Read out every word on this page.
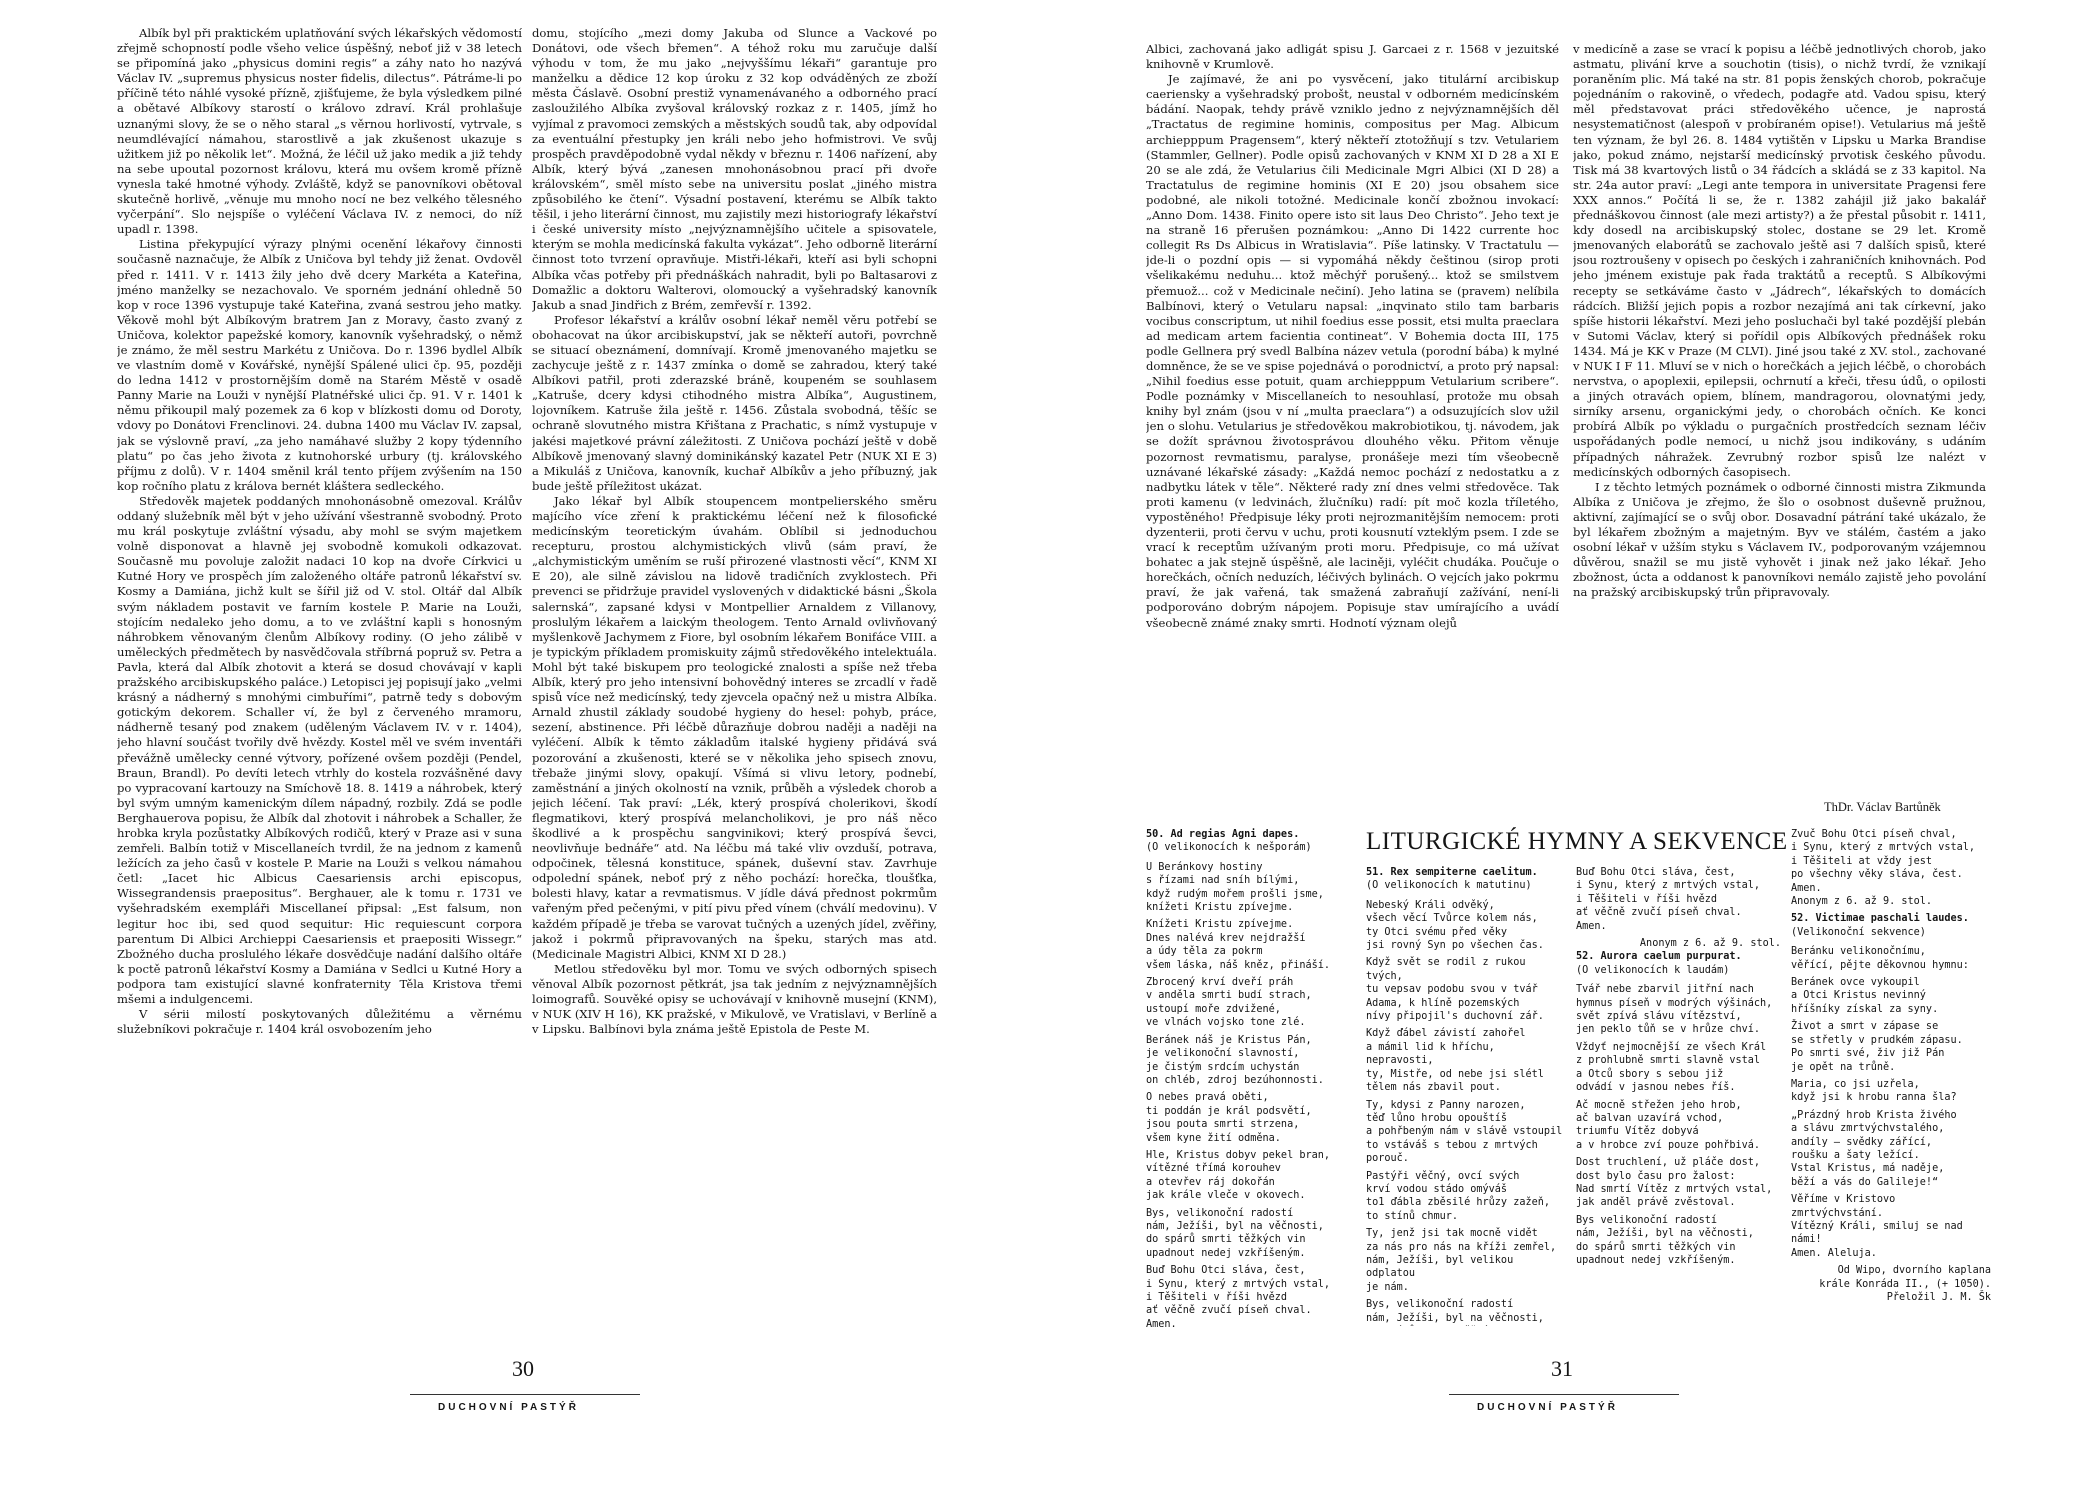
Albík byl při praktickém uplatňování svých lékařských vědomostí zřejmě schopností podle všeho velice úspěšný, neboť již v 38 letech se připomíná jako „physicus domini regis“ a záhy nato ho nazývá Václav IV. „supremus physicus noster fidelis, dilectus“. Pátráme-li po příčině této náhlé vysoké přízně, zjišťujeme, že byla výsledkem pilné a obětavé Albíkovy starostí o královo zdraví. Král prohlašuje uznanými slovy, že se o něho staral „s věrnou horlivostí, vytrvale, s neumdlévající námahou, starostlivě a jak zkušenost ukazuje s užitkem již po několik let“. Možná, že léčil už jako medik a již tehdy na sebe upoutal pozornost královu, která mu ovšem kromě přízně vynesla také hmotné výhody. Zvláště, když se panovníkovi obětoval skutečně horlivě, „věnuje mu mnoho nocí ne bez velkého tělesného vyčerpání“. Slo nejspíše o vyléčení Václava IV. z nemoci, do níž upadl r. 1398.

Listina překypující výrazy plnými ocenění lékařovy činnosti současně naznačuje, že Albík z Uničova byl tehdy již ženat. Ovdověl před r. 1411. V r. 1413 žily jeho dvě dcery Markéta a Kateřina, jméno manželky se nezachovalo. Ve sporném jednání ohledně 50 kop v roce 1396 vystupuje také Kateřina, zvaná sestrou jeho matky. Věkově mohl být Albíkovým bratrem Jan z Moravy, často zvaný z Uničova, kolektor papežské komory, kanovník vyšehradský, o němž je známo, že měl sestru Markétu z Uničova. Do r. 1396 bydlel Albík ve vlastním domě v Kovářské, nynější Spálené ulici čp. 95, později do ledna 1412 v prostornějším domě na Starém Městě v osadě Panny Marie na Louži v nynější Platnéřské ulici čp. 91. V r. 1401 k němu přikoupil malý pozemek za 6 kop v blízkosti domu od Doroty, vdovy po Donátovi Frenclinovi. 24. dubna 1400 mu Václav IV. zapsal, jak se výslovně praví, „za jeho namáhavé služby 2 kopy týdenního platu“ po čas jeho života z kutnohorské urbury (tj. královského příjmu z dolů). V r. 1404 směnil král tento příjem zvýšením na 150 kop ročního platu z králova bernét kláštera sedleckého.

Středověk majetek poddaných mnohonásobně omezoval. Králův oddaný služebník měl být v jeho užívání všestranně svobodný. Proto mu král poskytuje zvláštní výsadu, aby mohl se svým majetkem volně disponovat a hlavně jej svobodně komukoli odkazovat. Současně mu povoluje založit nadaci 10 kop na dvoře Církvici u Kutné Hory ve prospěch jím založeného oltáře patronů lékařství sv. Kosmy a Damiána, jichž kult se šířil již od V. stol. Oltář dal Albík svým nákladem postavit ve farním kostele P. Marie na Louži, stojícím nedaleko jeho domu, a to ve zvláštní kapli s honosným náhrobkem věnovaným členům Albíkovy rodiny. (O jeho zálibě v uměleckých předmětech by nasvědčovala stříbrná popruž sv. Petra a Pavla, která dal Albík zhotovit a která se dosud chovávají v kapli pražského arcibiskupského paláce.) Letopisci jej popisují jako „velmi krásný a nádherný s mnohými cimbuřími“, patrně tedy s dobovým gotickým dekorem. Schaller ví, že byl z červeného mramoru, nádherně tesaný pod znakem (uděleným Václavem IV. v r. 1404), jeho hlavní součást tvořily dvě hvězdy. Kostel měl ve svém inventáři převážně umělecky cenné výtvory, pořízené ovšem později (Pendel, Braun, Brandl). Po devíti letech vtrhly do kostela rozvášněné davy po vypracovaní kartouzy na Smíchově 18. 8. 1419 a náhrobek, který byl svým umným kamenickým dílem nápadný, rozbily. Zdá se podle Berghauerova popisu, že Albík dal zhotovit i náhrobek a Schaller, že hrobka kryla pozůstatky Albíkových rodičů, který v Praze asi v suna zemřeli. Balbín totiž v Miscellaneích tvrdil, že na jednom z kamenů ležících za jeho časů v kostele P. Marie na Louži s velkou námahou četl: „Iacet hic Albicus Caesariensis archi episcopus, Wissegrandensis praepositus“. Berghauer, ale k tomu r. 1731 ve vyšehradském exempláři Miscellaneí připsal: „Est falsum, non legitur hoc ibi, sed quod sequitur: Hic requiescunt corpora parentum Di Albici Archieppi Caesariensis et praepositi Wissegr.“ Zbožného ducha proslulého lékaře dosvědčuje nadání dalšího oltáře k poctě patronů lékařství Kosmy a Damiána v Sedlci u Kutné Hory a podpora tam existující slavné konfraternity Těla Kristova třemi mšemi a indulgencemi.

V sérii milostí poskytovaných důležitému a věrnému služebníkovi pokračuje r. 1404 král osvobozením jeho

domu, stojícího „mezi domy Jakuba od Slunce a Vackové po Donátovi, ode všech břemen“. A téhož roku mu zaručuje další výhodu v tom, že mu jako „nejvyššímu lékaři“ garantuje pro manželku a dědice 12 kop úroku z 32 kop odváděných ze zboží města Čáslavě. Osobní prestiž vynamenávaného a odborného prací zasloužilého Albíka zvyšoval královský rozkaz z r. 1405, jímž ho vyjímal z pravomoci zemských a městských soudů tak, aby odpovídal za eventuální přestupky jen králi nebo jeho hofmistrovi. Ve svůj prospěch pravděpodobně vydal někdy v březnu r. 1406 nařízení, aby Albík, který bývá „zanesen mnohonásobnou prací při dvoře královském“, směl místo sebe na universitu poslat „jiného mistra způsobilého ke čtení“. Výsadní postavení, kterému se Albík takto těšil, i jeho literární činnost, mu zajistily mezi historiografy lékařství i české university místo „nejvýznamnějšího učitele a spisovatele, kterým se mohla medicínská fakulta vykázat“. Jeho odborně literární činnost toto tvrzení opravňuje. Mistři-lékaři, kteří asi byli schopni Albíka včas potřeby při přednáškách nahradit, byli po Baltasarovi z Domažlic a doktoru Walterovi, olomoucký a vyšehradský kanovník Jakub a snad Jindřich z Brém, zemřevší r. 1392.

Profesor lékařství a králův osobní lékař neměl věru potřebí se obohacovat na úkor arcibiskupství, jak se někteří autoři, povrchně se situací obeznámení, domnívají. Kromě jmenovaného majetku se zachycuje ještě z r. 1437 zmínka o domě se zahradou, který také Albíkovi patřil, proti zderazské bráně, koupeném se souhlasem „Katruše, dcery kdysi ctihodného mistra Albíka“, Augustinem, lojovníkem. Katruše žila ještě r. 1456. Zůstala svobodná, těšíc se ochraně slovutného mistra Křištana z Prachatic, s nímž vystupuje v jakési majetkové právní záležitosti. Z Uničova pochází ještě v době Albíkově jmenovaný slavný dominikánský kazatel Petr (NUK XI E 3) a Mikuláš z Uničova, kanovník, kuchař Albíkův a jeho příbuzný, jak bude ještě příležitost ukázat.

Jako lékař byl Albík stoupencem montpelierského směru majícího více zření k praktickému léčení než k filosofické medicínským teoretickým úvahám. Oblíbil si jednoduchou recepturu, prostou alchymistických vlivů (sám praví, že „alchymistickým uměním se ruší přirozené vlastnosti věcí“, KNM XI E 20), ale silně závislou na lidově tradičních zvyklostech. Při prevenci se přidržuje pravidel vyslovených v didaktické básni „Škola salernská“, zapsané kdysi v Montpellier Arnaldem z Villanovy, proslulým lékařem a laickým theologem. Tento Arnald ovlivňovaný myšlenkově Jachymem z Fiore, byl osobním lékařem Bonifáce VIII. a je typickým příkladem promiskuity zájmů středověkého intelektuála. Mohl být také biskupem pro teologické znalosti a spíše než třeba Albík, který pro jeho intensivní bohovědný interes se zrcadlí v řadě spisů více než medicínský, tedy zjevcela opačný než u mistra Albíka. Arnald zhustil základy soudobé hygieny do hesel: pohyb, práce, sezení, abstinence. Při léčbě důrazňuje dobrou naději a naději na vyléčení. Albík k těmto základům italské hygieny přidává svá pozorování a zkušenosti, které se v několika jeho spisech znovu, třebaže jinými slovy, opakují. Všímá si vlivu letory, podnebí, zaměstnání a jiných okolností na vznik, průběh a výsledek chorob a jejich léčení. Tak praví: „Lék, který prospívá cholerikovi, škodí flegmatikovi, který prospívá melancholikovi, je pro náš něco škodlivé a k prospěchu sangvinikovi; který prospívá ševci, neovlivňuje bednáře“ atd. Na léčbu má také vliv ovzduší, potrava, odpočinek, tělesná konstituce, spánek, duševní stav. Zavrhuje odpolední spánek, neboť prý z něho pochází: horečka, tloušťka, bolesti hlavy, katar a revmatismus. V jídle dává přednost pokrmům vařeným před pečenými, v pití pivu před vínem (chválí medovinu). V každém případě je třeba se varovat tučných a uzených jídel, zvěřiny, jakož i pokrmů připravovaných na špeku, starých mas atd. (Medicinale Magistri Albici, KNM XI D 28.)

Metlou středověku byl mor. Tomu ve svých odborných spisech věnoval Albík pozornost pětkrát, jsa tak jedním z nejvýznamnějších loimografů. Souvěké opisy se uchovávají v knihovně musejní (KNM), v NUK (XIV H 16), KK pražské, v Mikulově, ve Vratislavi, v Berlíně a v Lipsku. Balbínovi byla známa ještě Epistola de Peste M.

30
DUCHOVNÍ PASTÝŘ

Albici, zachovaná jako adligát spisu J. Garcaei z r. 1568 v jezuitské knihovně v Krumlově.

Je zajímavé, že ani po vysvěcení, jako titulární arcibiskup caeriensky a vyšehradský probošt, neustal v odborném medicínském bádání. Naopak, tehdy právě vzniklo jedno z nejvýznamnějších děl „Tractatus de regimine hominis, compositus per Mag. Albicum archiepppum Pragensem“, který někteří ztotožňují s tzv. Vetulariem (Stammler, Gellner). Podle opisů zachovaných v KNM XI D 28 a XI E 20 se ale zdá, že Vetularius čili Medicinale Mgri Albici (XI D 28) a Tractatulus de regimine hominis (XI E 20) jsou obsahem sice podobné, ale nikoli totožné. Medicinale končí zbožnou invokací: „Anno Dom. 1438. Finito opere isto sit laus Deo Christo“. Jeho text je na straně 16 přerušen poznámkou: „Anno Di 1422 currente hoc collegit Rs Ds Albicus in Wratislavia“. Píše latinsky. V Tractatulu — jde-li o pozdní opis — si vypomáhá někdy češtinou (sirop proti všelikakému neduhu... ktož měchýř porušený... ktož se smilstvem přemuož... což v Medicinale nečiní). Jeho latina se (pravem) nelíbila Balbínovi, který o Vetularu napsal: „inqvinato stilo tam barbaris vocibus conscriptum, ut nihil foedius esse possit, etsi multa praeclara ad medicam artem facientia contineat“. V Bohemia docta III, 175 podle Gellnera prý svedl Balbína název vetula (porodní bába) k mylné domněnce, že se ve spise pojednává o porodnictví, a proto prý napsal: „Nihil foedius esse potuit, quam archiepppum Vetularium scribere“. Podle poznámky v Miscellaneích to nesouhlasí, protože mu obsah knihy byl znám (jsou v ní „multa praeclara“) a odsuzujících slov užil jen o slohu. Vetularius je středověkou makrobiotikou, tj. návodem, jak se dožít správnou životosprávou dlouhého věku. Přitom věnuje pozornost revmatismu, paralyse, pronášeje mezi tím všeobecně uznávané lékařské zásady: „Každá nemoc pochází z nedostatku a z nadbytku látek v těle“. Některé rady zní dnes velmi středověce. Tak proti kamenu (v ledvinách, žlučníku) radí: pít moč kozla tříletého, vypostěného! Předpisuje léky proti nejrozmanitějším nemocem: proti dyzenterii, proti červu v uchu, proti kousnutí vzteklým psem. I zde se vrací k receptům užívaným proti moru. Předpisuje, co má užívat bohatec a jak stejně úspěšně, ale laciněji, vyléčit chudáka. Poučuje o horečkách, očních neduzích, léčivých bylinách. O vejcích jako pokrmu praví, že jak vařená, tak smažená zabraňují zažívání, není-li podporováno dobrým nápojem. Popisuje stav umírajícího a uvádí všeobecně známé znaky smrti. Hodnotí význam olejů

v medicíně a zase se vrací k popisu a léčbě jednotlivých chorob, jako astmatu, plivání krve a souchotin (tisis), o nichž tvrdí, že vznikají poraněním plic. Má také na str. 81 popis ženských chorob, pokračuje pojednáním o rakovině, o vředech, podagře atd. Vadou spisu, který měl představovat práci středověkého učence, je naprostá nesystematičnost (alespoň v probíraném opise!). Vetularius má ještě ten význam, že byl 26. 8. 1484 vytištěn v Lipsku u Marka Brandise jako, pokud známo, nejstarší medicínský prvotisk českého původu. Tisk má 38 kvartových listů o 34 řádcích a skládá se z 33 kapitol. Na str. 24a autor praví: „Legi ante tempora in universitate Pragensi fere XXX annos.“ Počítá li se, že r. 1382 zahájil již jako bakalář přednáškovou činnost (ale mezi artisty?) a že přestal působit r. 1411, kdy dosedl na arcibiskupský stolec, dostane se 29 let. Kromě jmenovaných elaborátů se zachovalo ještě asi 7 dalších spisů, které jsou roztroušeny v opisech po českých i zahraničních knihovnách. Pod jeho jménem existuje pak řada traktátů a receptů. S Albíkovými recepty se setkáváme často v „Jádrech“, lékařských to domácích rádcích. Bližší jejich popis a rozbor nezajímá ani tak církevní, jako spíše historii lékařství. Mezi jeho posluchači byl také pozdější plebán v Sutomi Václav, který si pořídil opis Albíkových přednášek roku 1434. Má je KK v Praze (M CLVI). Jiné jsou také z XV. stol., zachované v NUK I F 11. Mluví se v nich o horečkách a jejich léčbě, o chorobách nervstva, o apoplexii, epilepsii, ochrnutí a křeči, třesu údů, o opilosti a jiných otravách opiem, blínem, mandragorou, olovnatými jedy, sirníky arsenu, organickými jedy, o chorobách očních. Ke konci probírá Albík po výkladu o purgačních prostředcích seznam léčiv uspořádaných podle nemocí, u nichž jsou indikovány, s udáním případných náhražek. Zevrubný rozbor spisů lze nalézt v medicínských odborných časopisech.

I z těchto letmých poznámek o odborné činnosti mistra Zikmunda Albíka z Uničova je zřejmo, že šlo o osobnost duševně pružnou, aktivní, zajímající se o svůj obor. Dosavadní pátrání také ukázalo, že byl lékařem zbožným a majetným. Byv ve stálém, častém a jako osobní lékař v užším styku s Václavem IV., podporovaným vzájemnou důvěrou, snažil se mu jistě vyhovět i jinak než jako lékař. Jeho zbožnost, úcta a oddanost k panovníkovi nemálo zajistě jeho povolání na pražský arcibiskupský trůn připravovaly.

ThDr. Václav Bartůněk
LITURGICKÉ HYMNY A SEKVENCE
50. Ad regias Agni dapes.
(O velikonocích k nešporám)
U Beránkovy hostiny
s řízami nad sníh bílými,
když rudým mořem prošli jsme,
knížeti Kristu zpívejme.
Knížeti Kristu zpívejme.
Dnes nalévá krev nejdražší
a údy těla za pokrm
všem láska, náš kněz, přináší.
Zbrocený krví dveří práh
v anděla smrti budí strach,
ustoupí moře zdvižené,
ve vlnách vojsko tone zlé.
Beránek náš je Kristus Pán,
je velikonoční slavností,
je čistým srdcím uchystán
on chléb, zdroj bezúhonnosti.
O nebes pravá oběti,
ti poddán je král podsvětí,
jsou pouta smrti strzena,
všem kyne žití odměna.
Hle, Kristus dobyv pekel bran,
vítězné třímá korouhev
a otevřev ráj dokořán
jak krále vleče v okovech.
Bys, velikonoční radostí
nám, Ježíši, byl na věčnosti,
do spárů smrti těžkých vin
upadnout nedej vzkříšeným.
Buď Bohu Otci sláva, čest,
i Synu, který z mrtvých vstal,
i Těšiteli v říši hvězd
ať věčně zvučí píseň chval.
Amen.
51. Rex sempiterne caelitum.
(O velikonocích k matutinu)
Nebeský Králi odvěký,
všech věcí Tvůrce kolem nás,
ty Otci svému před věky
jsi rovný Syn po všechen čas.
Když svět se rodil z rukou tvých,
tu vepsav podobu svou v tvář
Adama, k hlíně pozemských
nívy připojil's duchovní zář.
Když ďábel závistí zahořel
a mámil lid k hříchu, nepravosti,
ty, Mistře, od nebe jsi slétl
tělem nás zbavil pout.
Ty, kdysi z Panny narozen,
těď lůno hrobu opouštíš
a pohřbeným nám v slávě vstoupil
to vstáváš s tebou z mrtvých porouč.
Pastýři věčný, ovcí svých
krví vodou stádo omýváš
to1 ďábla zběsilé hrůzy zažeň,
to stínů chmur.
Ty, jenž jsi tak mocně vidět
za nás pro nás na kříži zemřel,
nám, Ježíši, byl velikou odplatou
je nám.
Bys, velikonoční radostí
nám, Ježíši, byl na věčnosti,

Buď Bohu Otci sláva, čest,
i Synu, který z mrtvých vstal,
i Těšiteli v říši hvězd
ať věčně zvučí píseň chval.
Amen.
Anonym z 6. až 9. stol.
52. Aurora caelum purpurat.
(O velikonocích k laudám)
Tvář nebe zbarvil jitřní nach
hymnus píseň v modrých výšinách,
svět zpívá slávu vítězství,
jen peklo tůň se v hrůze chví.
Vždyť nejmocnější ze všech Král
z prohlubně smrti slavně vstal
a Otců sbory s sebou již
odvádí v jasnou nebes říš.
Ač mocně střežen jeho hrob,
ač balvan uzavírá vchod,
triumfu Vítěz dobyvá
a v hrobce zví pouze pohřbivá.
Dost truchlení, už pláče dost,
dost bylo času pro žalost:
Nad smrtí Vítěz z mrtvých vstal,
jak anděl právě zvěstoval.
Bys velikonoční radostí
nám, Ježíši, byl na věčnosti,
do spárů smrti těžkých vin
upadnout nedej vzkříšeným.
Zvuč Bohu Otci píseň chval,
i Synu, který z mrtvých vstal,
i Těšiteli at vždy jest
po všechny věky sláva, čest.
Amen.
Anonym z 6. až 9. stol.
52. Victimae paschali laudes.
(Velikonoční sekvence)
Beránku velikonočnímu,
věřící, pějte děkovnou hymnu:
Beránek ovce vykoupil
a Otci Kristus nevinný
hříšníky získal za syny.
Život a smrt v zápase se
se střetly v prudkém zápasu.
Po smrti své, živ již Pán
je opět na trůně.
Maria, co jsi uzřela,
když jsi k hrobu ranna šla?
„Prázdný hrob Krista živého
a slávu zmrtvýchvstalého,
andíly — svědky zářící,
roušku a šaty ležící.
Vstal Kristus, má naděje,
běží a vás do Galileje!“
Věříme v Kristovo zmrtvýchvstání.
Vítězný Králi, smiluj se nad námi!
Amen. Aleluja.
Od Wipo, dvorního kaplana
krále Konráda II., (+ 1050).
Přeložil J. M. Šk
31
DUCHOVNÍ PASTÝŘ
